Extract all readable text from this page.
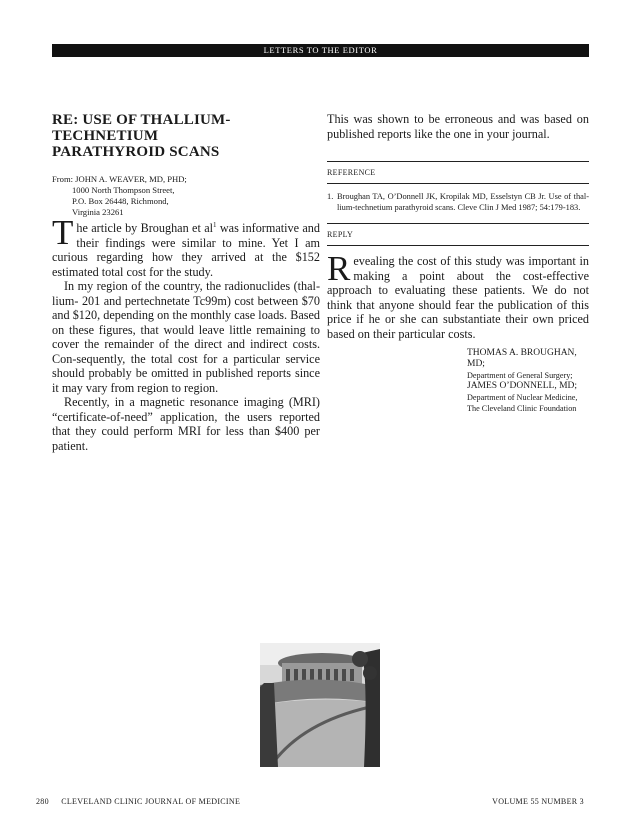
LETTERS TO THE EDITOR
RE: USE OF THALLIUM-TECHNETIUM
PARATHYROID SCANS
From: JOHN A. WEAVER, MD, PHD;
1000 North Thompson Street,
P.O. Box 26448, Richmond,
Virginia 23261

The article by Broughan et $al^1$ was informative and their findings were similar to mine. Yet I am curious regarding how they arrived at the $152 estimated total cost for the study.

In my region of the country, the radionuclides (thal-lium- 201 and pertechnetate Tc99m) cost between $70 and $120, depending on the monthly case loads. Based on these figures, that would leave little remaining to cover the remainder of the direct and indirect costs. Con-sequently, the total cost for a particular service should probably be omitted in published reports since it may vary from region to region.

Recently, in a magnetic resonance imaging (MRI) “certificate-of-need” application, the users reported that they could perform MRI for less than $400 per patient.

This was shown to be erroneous and was based on published reports like the one in your journal.

REFERENCE
1. Broughan TA, O’Donnell JK, Kropilak MD, Esselstyn CB Jr. Use of thal-lium-technetium parathyroid scans. Cleve Clin J Med 1987; 54:179-183.
REPLY

Revealing the cost of this study was important in making a point about the cost-effective approach to evaluating these patients. We do not think that anyone should fear the publication of this price if he or she can substantiate their own priced based on their particular costs.

THOMAS A. BROUGHAN, MD;
Department of General Surgery;
JAMES O’DONNELL, MD;
Department of Nuclear Medicine,
The Cleveland Clinic Foundation
280 CLEVELAND CLINIC JOURNAL OF MEDICINE	VOLUME 55 NUMBER 3
